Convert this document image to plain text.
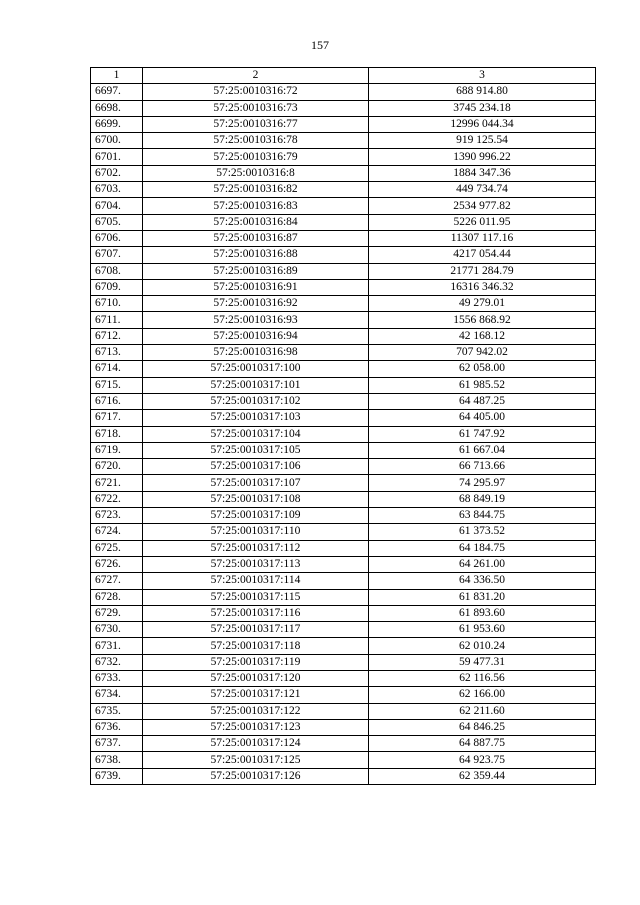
157
1	2	3
6697.	57:25:0010316:72	688 914.80
6698.	57:25:0010316:73	3745 234.18
6699.	57:25:0010316:77	12996 044.34
6700.	57:25:0010316:78	919 125.54
6701.	57:25:0010316:79	1390 996.22
6702.	57:25:0010316:8	1884 347.36
6703.	57:25:0010316:82	449 734.74
6704.	57:25:0010316:83	2534 977.82
6705.	57:25:0010316:84	5226 011.95
6706.	57:25:0010316:87	11307 117.16
6707.	57:25:0010316:88	4217 054.44
6708.	57:25:0010316:89	21771 284.79
6709.	57:25:0010316:91	16316 346.32
6710.	57:25:0010316:92	49 279.01
6711.	57:25:0010316:93	1556 868.92
6712.	57:25:0010316:94	42 168.12
6713.	57:25:0010316:98	707 942.02
6714.	57:25:0010317:100	62 058.00
6715.	57:25:0010317:101	61 985.52
6716.	57:25:0010317:102	64 487.25
6717.	57:25:0010317:103	64 405.00
6718.	57:25:0010317:104	61 747.92
6719.	57:25:0010317:105	61 667.04
6720.	57:25:0010317:106	66 713.66
6721.	57:25:0010317:107	74 295.97
6722.	57:25:0010317:108	68 849.19
6723.	57:25:0010317:109	63 844.75
6724.	57:25:0010317:110	61 373.52
6725.	57:25:0010317:112	64 184.75
6726.	57:25:0010317:113	64 261.00
6727.	57:25:0010317:114	64 336.50
6728.	57:25:0010317:115	61 831.20
6729.	57:25:0010317:116	61 893.60
6730.	57:25:0010317:117	61 953.60
6731.	57:25:0010317:118	62 010.24
6732.	57:25:0010317:119	59 477.31
6733.	57:25:0010317:120	62 116.56
6734.	57:25:0010317:121	62 166.00
6735.	57:25:0010317:122	62 211.60
6736.	57:25:0010317:123	64 846.25
6737.	57:25:0010317:124	64 887.75
6738.	57:25:0010317:125	64 923.75
6739.	57:25:0010317:126	62 359.44
